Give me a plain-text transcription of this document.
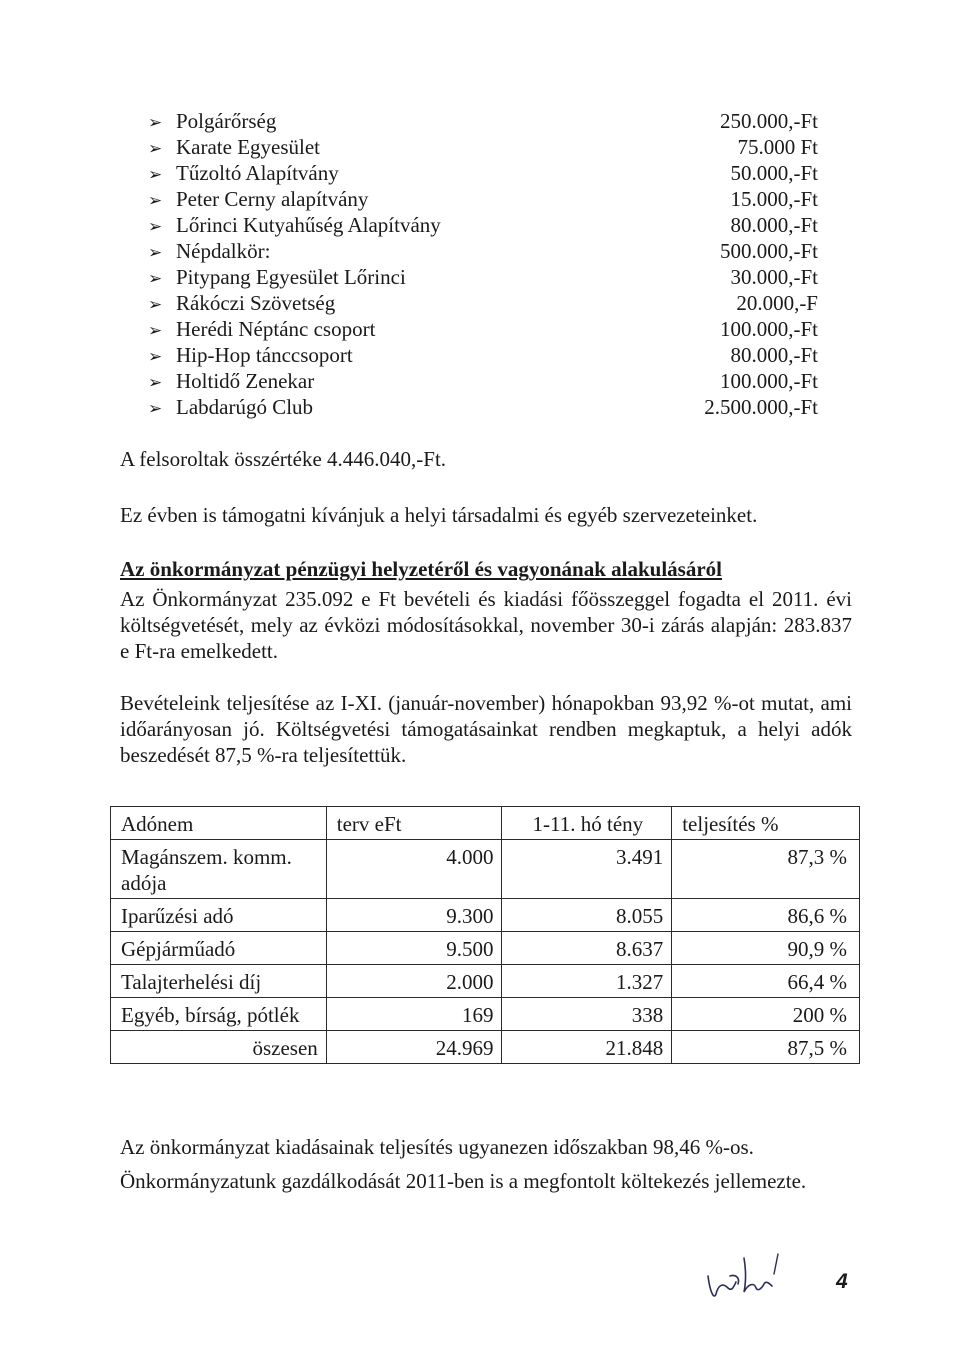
➢ Polgárőrség	250.000,-Ft
➢ Karate Egyesület	75.000 Ft
➢ Tűzoltó Alapítvány	50.000,-Ft
➢ Peter Cerny alapítvány	15.000,-Ft
➢ Lőrinci Kutyahűség Alapítvány	80.000,-Ft
➢ Népdalkör:	500.000,-Ft
➢ Pitypang Egyesület Lőrinci	30.000,-Ft
➢ Rákóczi Szövetség	20.000,-F
➢ Herédi Néptánc csoport	100.000,-Ft
➢ Hip-Hop tánccsoport	80.000,-Ft
➢ Holtidő Zenekar	100.000,-Ft
➢ Labdarúgó Club	2.500.000,-Ft

A felsoroltak összértéke 4.446.040,-Ft.

Ez évben is támogatni kívánjuk a helyi társadalmi és egyéb szervezeteinket.

Az önkormányzat pénzügyi helyzetéről és vagyonának alakulásáról

Az Önkormányzat 235.092 e Ft bevételi és kiadási főösszeggel fogadta el 2011. évi költségvetését, mely az évközi módosításokkal, november 30-i zárás alapján: 283.837 e Ft-ra emelkedett.

Bevételeink teljesítése az I-XI. (január-november) hónapokban 93,92 %-ot mutat, ami időarányosan jó. Költségvetési támogatásainkat rendben megkaptuk, a helyi adók beszedését 87,5 %-ra teljesítettük.

Adónem	terv eFt	1-11. hó tény	teljesítés %
Magánszem. komm. adója	4.000	3.491	87,3 %
Iparűzési adó	9.300	8.055	86,6 %
Gépjárműadó	9.500	8.637	90,9 %
Talajterhelési díj	2.000	1.327	66,4 %
Egyéb, bírság, pótlék	169	338	200 %
öszesen	24.969	21.848	87,5 %

Az önkormányzat kiadásainak teljesítés ugyanezen időszakban 98,46 %-os.

Önkormányzatunk gazdálkodását 2011-ben is a megfontolt költekezés jellemezte.

4
